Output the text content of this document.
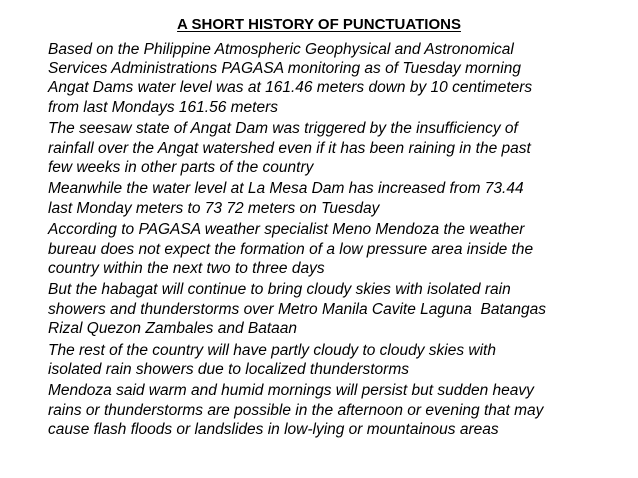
A SHORT HISTORY OF PUNCTUATIONS

Based on the Philippine Atmospheric Geophysical and Astronomical
Services Administrations PAGASA monitoring as of Tuesday morning
Angat Dams water level was at 161.46 meters down by 10 centimeters
from last Mondays 161.56 meters

The seesaw state of Angat Dam was triggered by the insufficiency of
rainfall over the Angat watershed even if it has been raining in the past
few weeks in other parts of the country

Meanwhile the water level at La Mesa Dam has increased from 73.44
last Monday meters to 73 72 meters on Tuesday

According to PAGASA weather specialist Meno Mendoza the weather
bureau does not expect the formation of a low pressure area inside the
country within the next two to three days

But the habagat will continue to bring cloudy skies with isolated rain
showers and thunderstorms over Metro Manila Cavite Laguna  Batangas
Rizal Quezon Zambales and Bataan

The rest of the country will have partly cloudy to cloudy skies with
isolated rain showers due to localized thunderstorms

Mendoza said warm and humid mornings will persist but sudden heavy
rains or thunderstorms are possible in the afternoon or evening that may
cause flash floods or landslides in low-lying or mountainous areas
